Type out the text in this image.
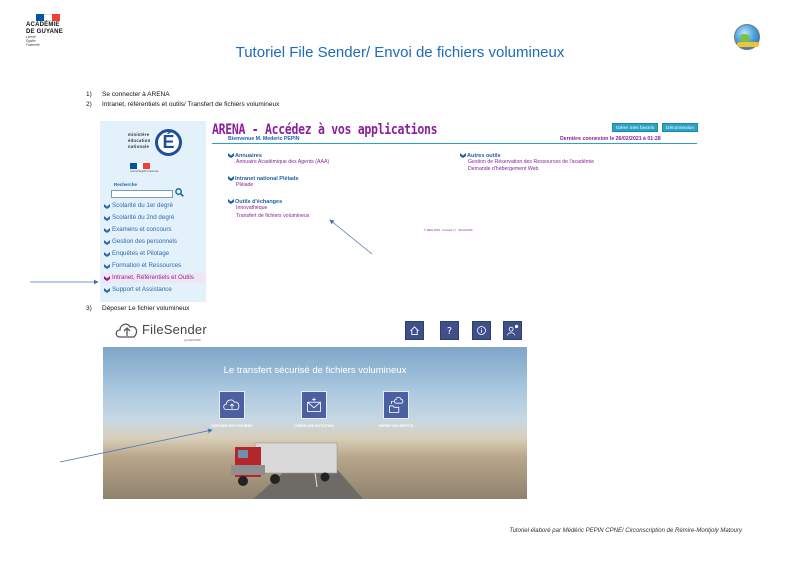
ACADÉMIE
DE GUYANE
Liberté
Égalité
Fraternité	Tutoriel File Sender/ Envoi de fichiers volumineux
1) Se connecter à ARENA
2) Intranet, référentiels et outils/ Transfert de fichiers volumineux
3) Déposer Le fichier volumineux
ministère
éducation
nationale É
Liberté Égalité Fraternité
Recherche
Scolarité du 1er degré
Scolarité du 2nd degré
Examens et concours
Gestion des personnels
Enquêtes et Pilotage
Formation et Ressources
Intranet, Référentiels et Outils
Support et Assistance
ARENA - Accédez à vos applications	Gérer mes favoris	Déconnexion
Bienvenue M. Mederic PEPIN	Dernière connexion le 26/02/2021 à 01:28
Annuaires
Annuaire Académique des Agents (AAA)
Intranet national Pléiade
Pléiade
Outils d'échanges
Innovathèque
Transfert de fichiers volumineux
Autres outils
Gestion de Réservation des Ressources de l'académie
Demande d'hébergement Web
© MEN 2015 - Contact | \/ - 06/12/2016
FileSender
par RENATER
?
Le transfert sécurisé de fichiers volumineux
DÉPOSER DES FICHIERS	CRÉER UNE INVITATION	GÉRER VOS DÉPÔTS
Tutoriel élaboré par Médéric PEPIN CPNE/ Circonscription de Rémire-Montjoly Matoury
